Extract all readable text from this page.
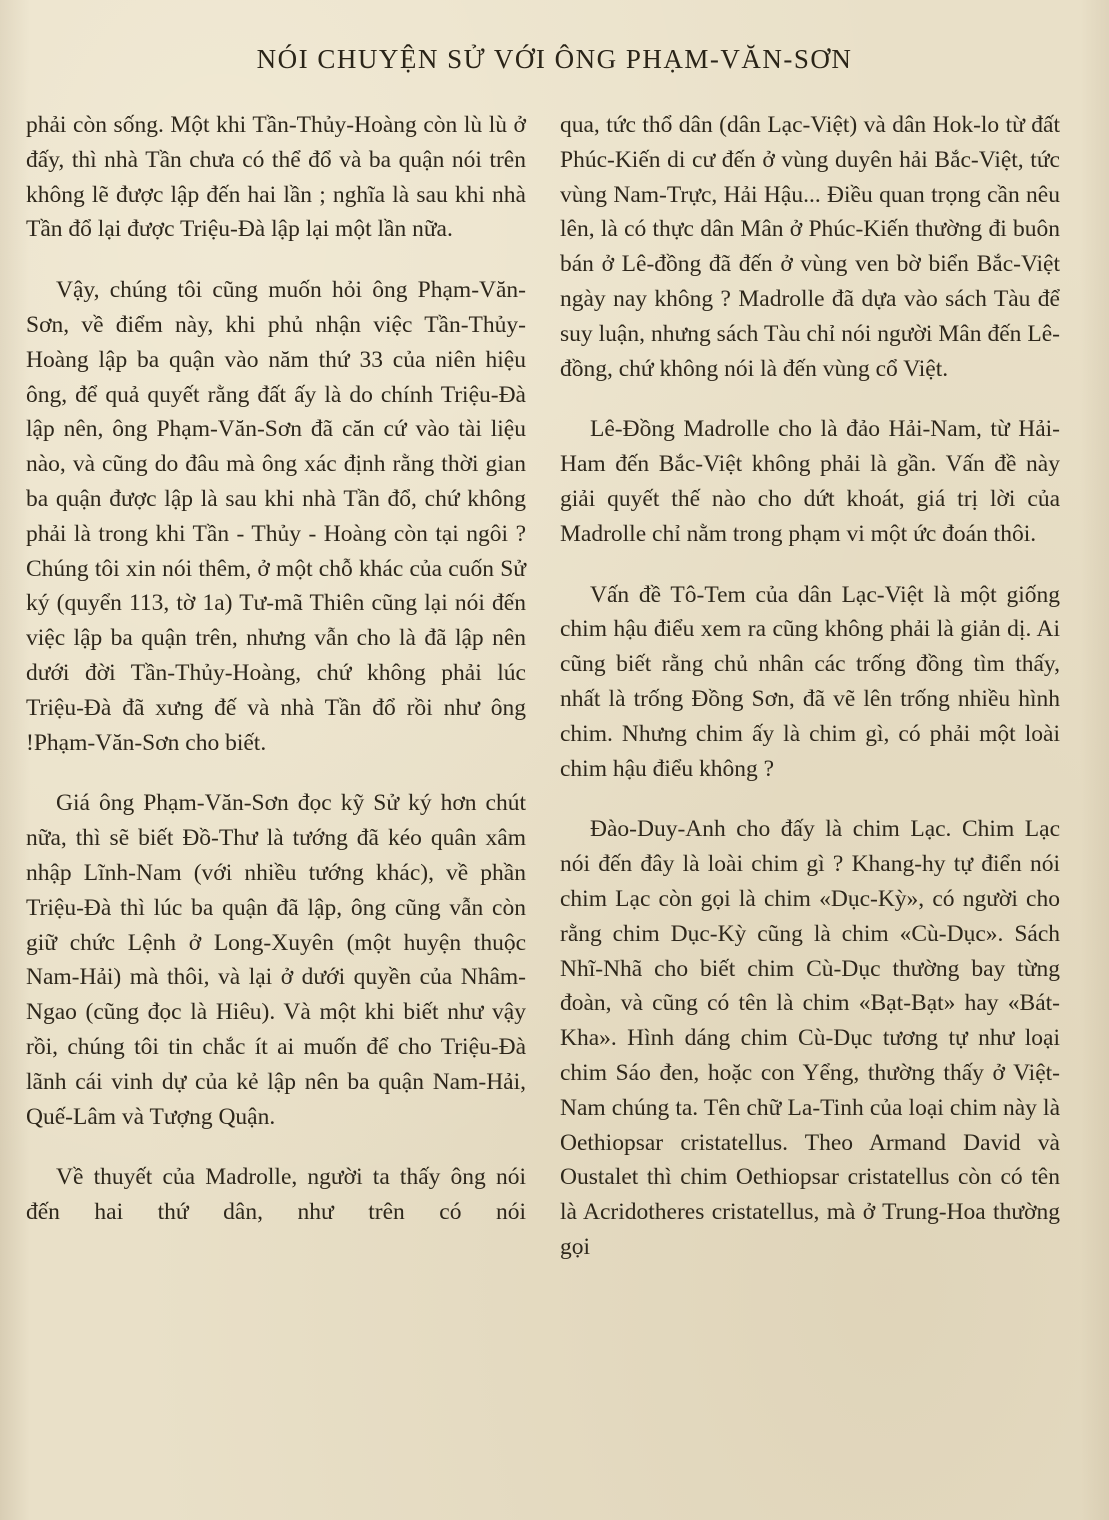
NÓI CHUYỆN SỬ VỚI ÔNG PHẠM-VĂN-SƠN

phải còn sống. Một khi Tần-Thủy-Hoàng còn lù lù ở đấy, thì nhà Tần chưa có thể đổ và ba quận nói trên không lẽ được lập đến hai lần ; nghĩa là sau khi nhà Tần đổ lại được Triệu-Đà lập lại một lần nữa.

Vậy, chúng tôi cũng muốn hỏi ông Phạm-Văn-Sơn, về điểm này, khi phủ nhận việc Tần-Thủy-Hoàng lập ba quận vào năm thứ 33 của niên hiệu ông, để quả quyết rằng đất ấy là do chính Triệu-Đà lập nên, ông Phạm-Văn-Sơn đã căn cứ vào tài liệu nào, và cũng do đâu mà ông xác định rằng thời gian ba quận được lập là sau khi nhà Tần đổ, chứ không phải là trong khi Tần - Thủy - Hoàng còn tại ngôi ? Chúng tôi xin nói thêm, ở một chỗ khác của cuốn Sử ký (quyển 113, tờ 1a) Tư-mã Thiên cũng lại nói đến việc lập ba quận trên, nhưng vẫn cho là đã lập nên dưới đời Tần-Thủy-Hoàng, chứ không phải lúc Triệu-Đà đã xưng đế và nhà Tần đổ rồi như ông !Phạm-Văn-Sơn cho biết.

Giá ông Phạm-Văn-Sơn đọc kỹ Sử ký hơn chút nữa, thì sẽ biết Đồ-Thư là tướng đã kéo quân xâm nhập Lĩnh-Nam (với nhiều tướng khác), về phần Triệu-Đà thì lúc ba quận đã lập, ông cũng vẫn còn giữ chức Lệnh ở Long-Xuyên (một huyện thuộc Nam-Hải) mà thôi, và lại ở dưới quyền của Nhâm-Ngao (cũng đọc là Hiêu). Và một khi biết như vậy rồi, chúng tôi tin chắc ít ai muốn để cho Triệu-Đà lãnh cái vinh dự của kẻ lập nên ba quận Nam-Hải, Quế-Lâm và Tượng Quận.

Về thuyết của Madrolle, người ta thấy ông nói đến hai thứ dân, như trên có nói

qua, tức thổ dân (dân Lạc-Việt) và dân Hok-lo từ đất Phúc-Kiến di cư đến ở vùng duyên hải Bắc-Việt, tức vùng Nam-Trực, Hải Hậu... Điều quan trọng cần nêu lên, là có thực dân Mân ở Phúc-Kiến thường đi buôn bán ở Lê-đồng đã đến ở vùng ven bờ biển Bắc-Việt ngày nay không ? Madrolle đã dựa vào sách Tàu để suy luận, nhưng sách Tàu chỉ nói người Mân đến Lê-đồng, chứ không nói là đến vùng cổ Việt.

Lê-Đồng Madrolle cho là đảo Hải-Nam, từ Hải-Ham đến Bắc-Việt không phải là gần. Vấn đề này giải quyết thế nào cho dứt khoát, giá trị lời của Madrolle chỉ nằm trong phạm vi một ức đoán thôi.

Vấn đề Tô-Tem của dân Lạc-Việt là một giống chim hậu điểu xem ra cũng không phải là giản dị. Ai cũng biết rằng chủ nhân các trống đồng tìm thấy, nhất là trống Đồng Sơn, đã vẽ lên trống nhiều hình chim. Nhưng chim ấy là chim gì, có phải một loài chim hậu điểu không ?

Đào-Duy-Anh cho đấy là chim Lạc. Chim Lạc nói đến đây là loài chim gì ? Khang-hy tự điển nói chim Lạc còn gọi là chim «Dục-Kỳ», có người cho rằng chim Dục-Kỳ cũng là chim «Cù-Dục». Sách Nhĩ-Nhã cho biết chim Cù-Dục thường bay từng đoàn, và cũng có tên là chim «Bạt-Bạt» hay «Bát-Kha». Hình dáng chim Cù-Dục tương tự như loại chim Sáo đen, hoặc con Yểng, thường thấy ở Việt-Nam chúng ta. Tên chữ La-Tinh của loại chim này là Oethiopsar cristatellus. Theo Armand David và Oustalet thì chim Oethiopsar cristatellus còn có tên là Acridotheres cristatellus, mà ở Trung-Hoa thường gọi
